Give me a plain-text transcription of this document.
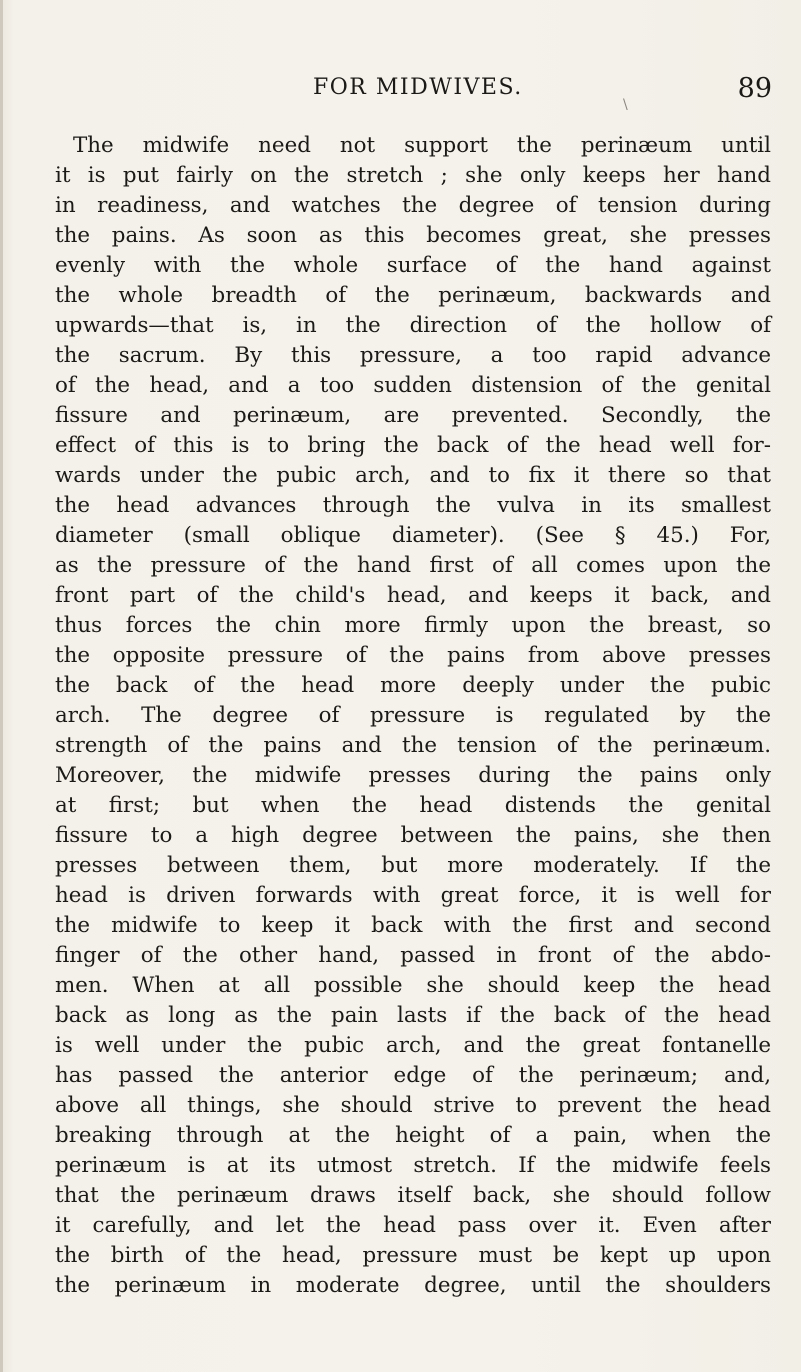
FOR MIDWIVES.
\
89
The midwife need not support the perinæum until
it is put fairly on the stretch ; she only keeps her hand
in readiness, and watches the degree of tension during
the pains. As soon as this becomes great, she presses
evenly with the whole surface of the hand against
the whole breadth of the perinæum, backwards and
upwards—that is, in the direction of the hollow of
the sacrum. By this pressure, a too rapid advance
of the head, and a too sudden distension of the genital
fissure and perinæum, are prevented. Secondly, the
effect of this is to bring the back of the head well for-
wards under the pubic arch, and to fix it there so that
the head advances through the vulva in its smallest
diameter (small oblique diameter). (See § 45.) For,
as the pressure of the hand first of all comes upon the
front part of the child's head, and keeps it back, and
thus forces the chin more firmly upon the breast, so
the opposite pressure of the pains from above presses
the back of the head more deeply under the pubic
arch. The degree of pressure is regulated by the
strength of the pains and the tension of the perinæum.
Moreover, the midwife presses during the pains only
at first; but when the head distends the genital
fissure to a high degree between the pains, she then
presses between them, but more moderately. If the
head is driven forwards with great force, it is well for
the midwife to keep it back with the first and second
finger of the other hand, passed in front of the abdo-
men. When at all possible she should keep the head
back as long as the pain lasts if the back of the head
is well under the pubic arch, and the great fontanelle
has passed the anterior edge of the perinæum; and,
above all things, she should strive to prevent the head
breaking through at the height of a pain, when the
perinæum is at its utmost stretch. If the midwife feels
that the perinæum draws itself back, she should follow
it carefully, and let the head pass over it. Even after
the birth of the head, pressure must be kept up upon
the perinæum in moderate degree, until the shoulders
